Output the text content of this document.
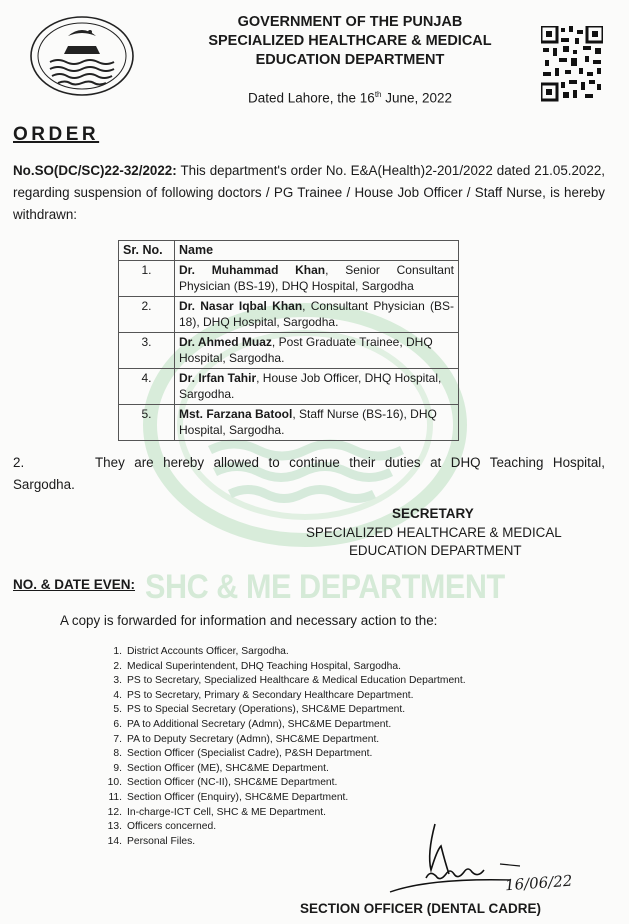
GOVERNMENT OF THE PUNJAB
SPECIALIZED HEALTHCARE & MEDICAL
EDUCATION DEPARTMENT
Dated Lahore, the 16th June, 2022
ORDER
No.SO(DC/SC)22-32/2022: This department's order No. E&A(Health)2-201/2022 dated 21.05.2022, regarding suspension of following doctors / PG Trainee / House Job Officer / Staff Nurse, is hereby withdrawn:
Sr. No.	Name
1.	Dr. Muhammad Khan, Senior Consultant Physician (BS-19), DHQ Hospital, Sargodha
2.	Dr. Nasar Iqbal Khan, Consultant Physician (BS-18), DHQ Hospital, Sargodha.
3.	Dr. Ahmed Muaz, Post Graduate Trainee, DHQ Hospital, Sargodha.
4.	Dr. Irfan Tahir, House Job Officer, DHQ Hospital, Sargodha.
5.	Mst. Farzana Batool, Staff Nurse (BS-16), DHQ Hospital, Sargodha.
2.	They are hereby allowed to continue their duties at DHQ Teaching Hospital, Sargodha.
SECRETARY
SPECIALIZED HEALTHCARE & MEDICAL
EDUCATION DEPARTMENT
SHC & ME DEPARTMENT
NO. & DATE EVEN:
A copy is forwarded for information and necessary action to the:
1. District Accounts Officer, Sargodha.
2. Medical Superintendent, DHQ Teaching Hospital, Sargodha.
3. PS to Secretary, Specialized Healthcare & Medical Education Department.
4. PS to Secretary, Primary & Secondary Healthcare Department.
5. PS to Special Secretary (Operations), SHC&ME Department.
6. PA to Additional Secretary (Admn), SHC&ME Department.
7. PA to Deputy Secretary (Admn), SHC&ME Department.
8. Section Officer (Specialist Cadre), P&SH Department.
9. Section Officer (ME), SHC&ME Department.
10. Section Officer (NC-II), SHC&ME Department.
11. Section Officer (Enquiry), SHC&ME Department.
12. In-charge-ICT Cell, SHC & ME Department.
13. Officers concerned.
14. Personal Files.
16/06/22
SECTION OFFICER (DENTAL CADRE)
